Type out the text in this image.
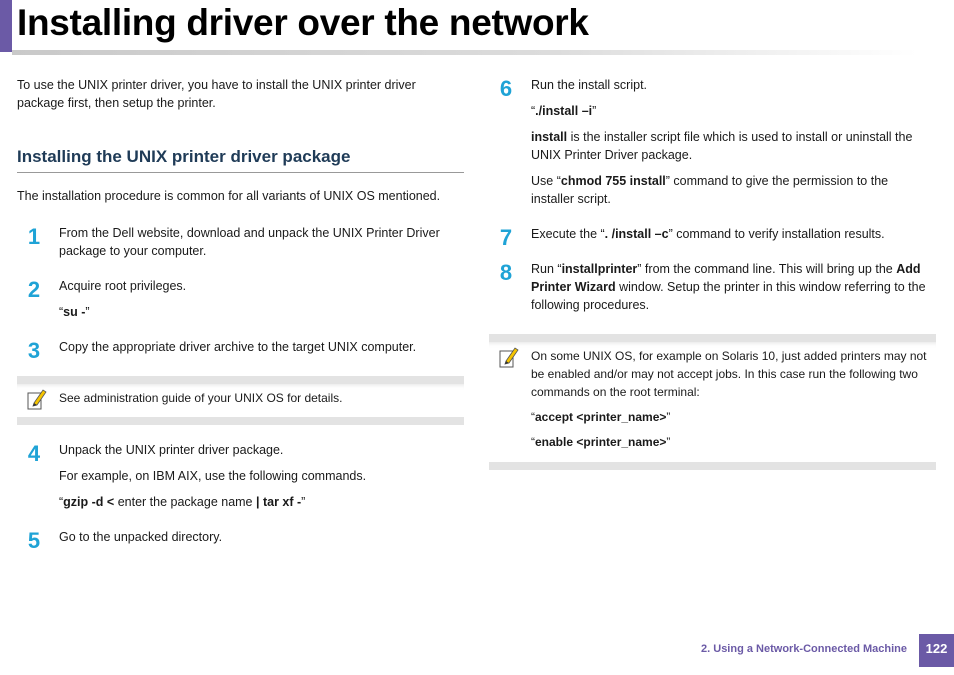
Installing driver over the network

To use the UNIX printer driver, you have to install the UNIX printer driver package first, then setup the printer.

Installing the UNIX printer driver package

The installation procedure is common for all variants of UNIX OS mentioned.

1	From the Dell website, download and unpack the UNIX Printer Driver package to your computer.

2	Acquire root privileges.

“su -”

3	Copy the appropriate driver archive to the target UNIX computer.

See administration guide of your UNIX OS for details.

4	Unpack the UNIX printer driver package.

For example, on IBM AIX, use the following commands.

“gzip -d < enter the package name | tar xf -”

5	Go to the unpacked directory.

6	Run the install script.

“./install –i”

install is the installer script file which is used to install or uninstall the UNIX Printer Driver package.

Use “chmod 755 install” command to give the permission to the installer script.

7	Execute the “. /install –c” command to verify installation results.

8	Run “installprinter” from the command line. This will bring up the Add Printer Wizard window. Setup the printer in this window referring to the following procedures.

On some UNIX OS, for example on Solaris 10, just added printers may not be enabled and/or may not accept jobs. In this case run the following two commands on the root terminal:

“accept <printer_name>”

“enable <printer_name>”

2. Using a Network-Connected Machine	122
